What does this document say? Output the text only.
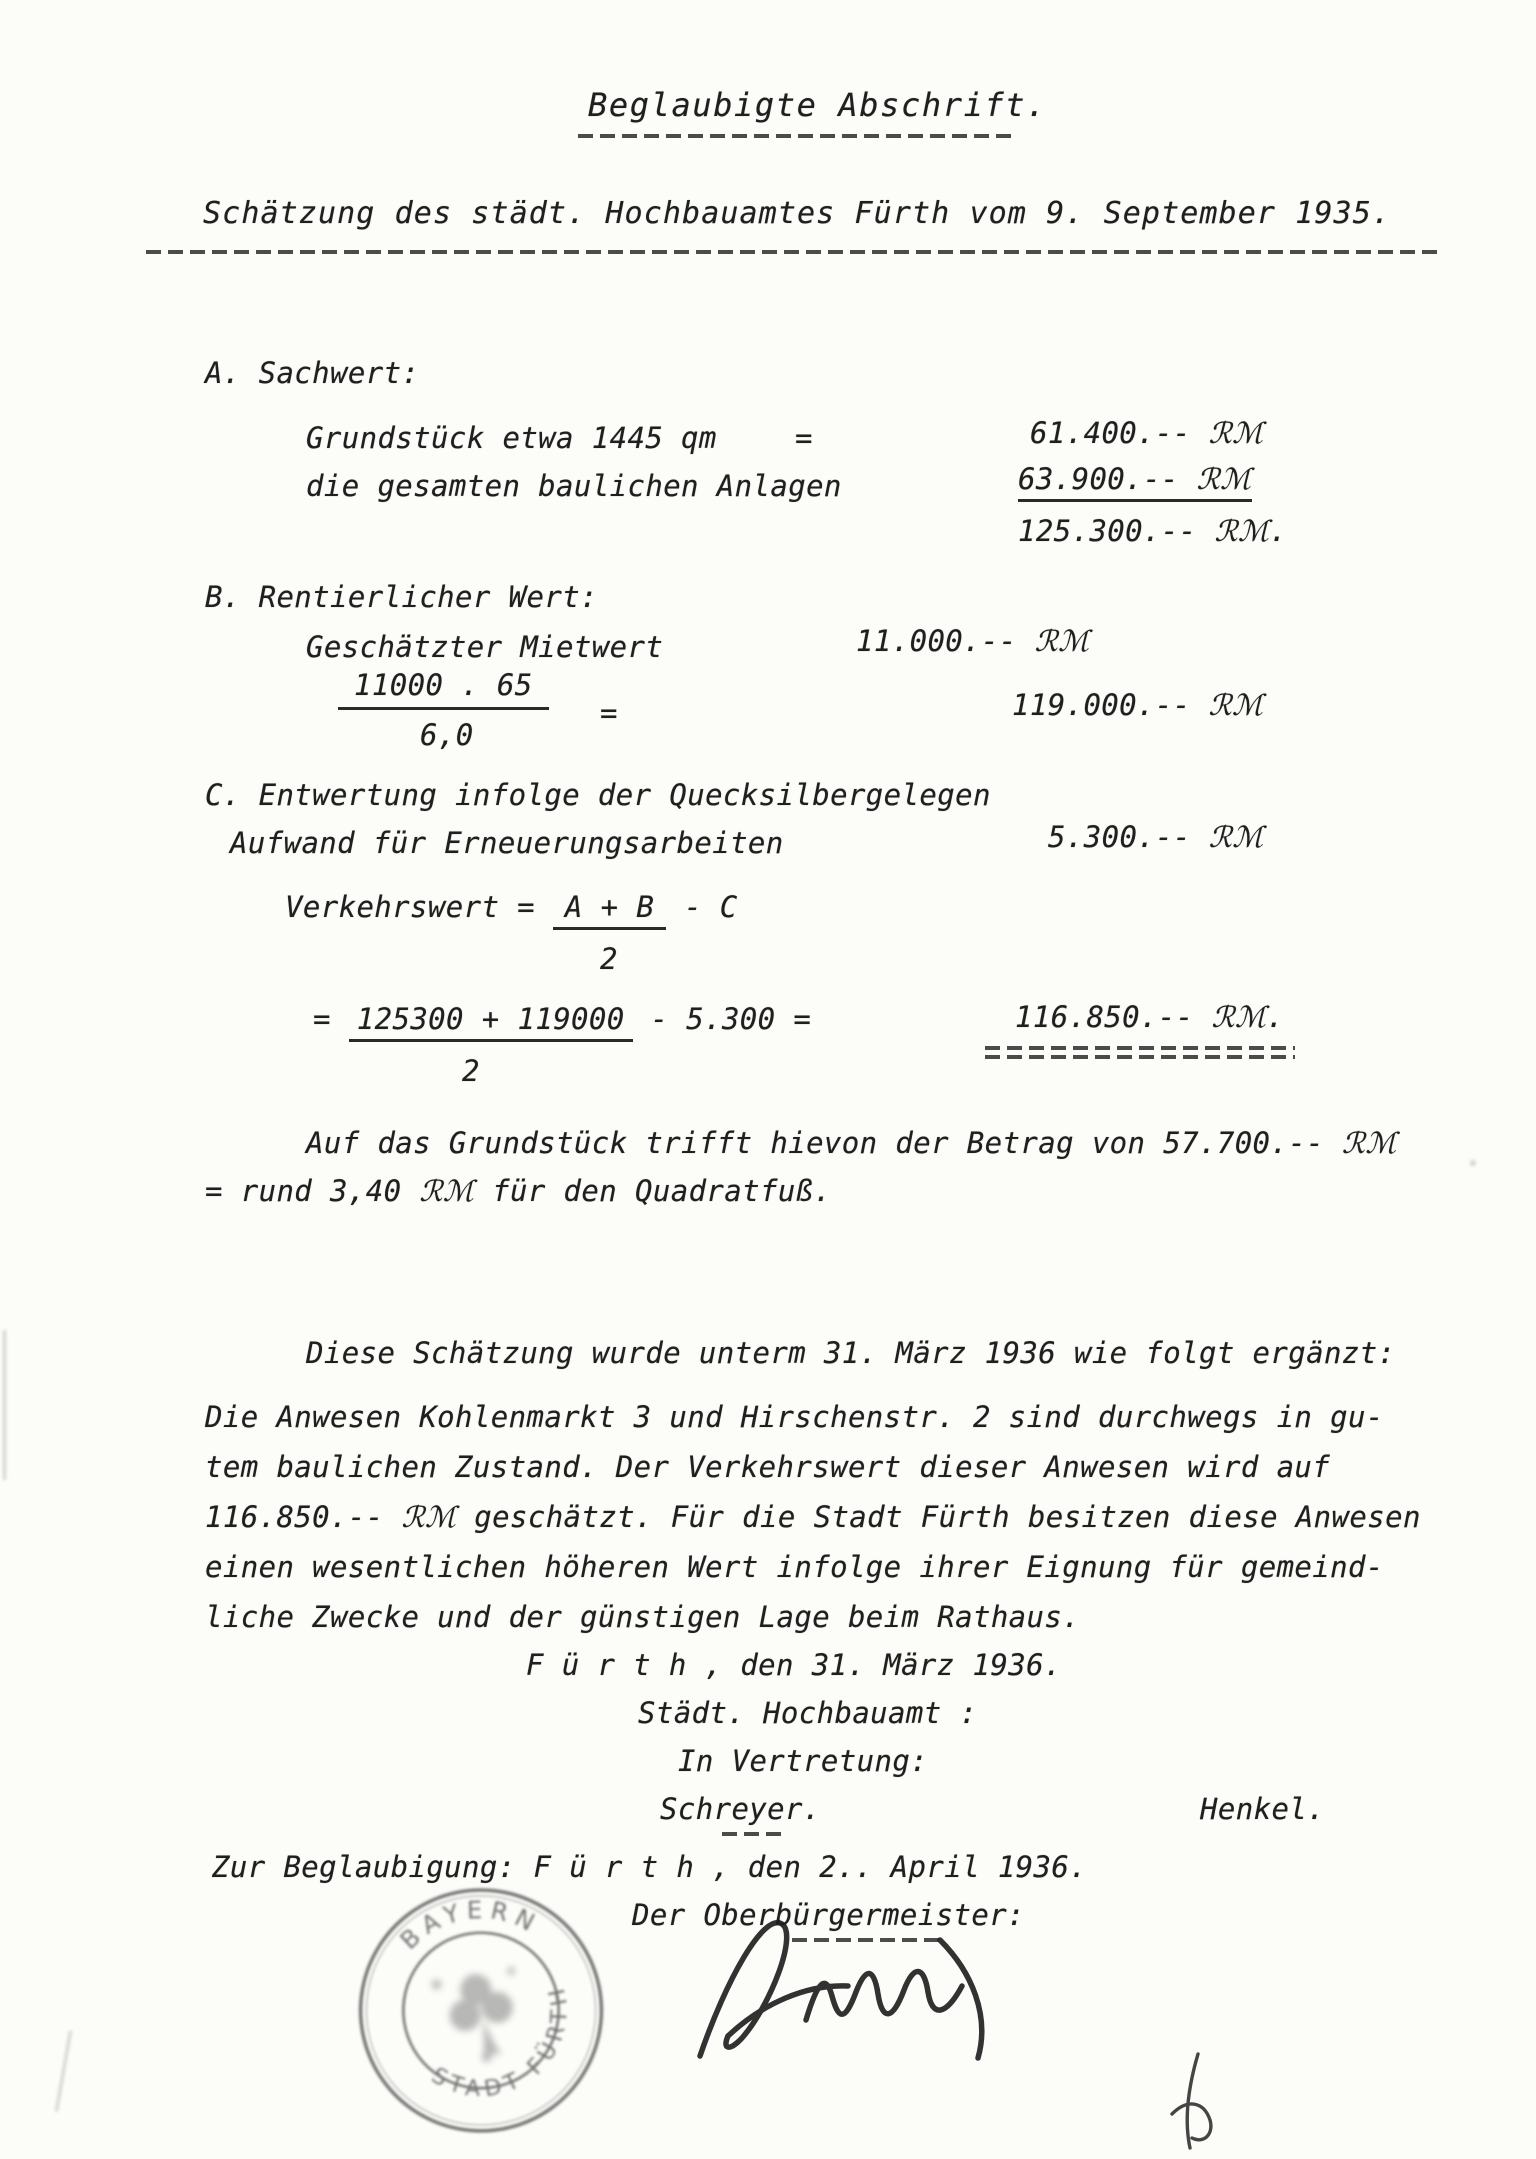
Beglaubigte Abschrift.
Schätzung des städt. Hochbauamtes Fürth vom 9. September 1935.
A. Sachwert:
Grundstück etwa 1445 qm	=	61.400.-- ℛℳ
die gesamten baulichen Anlagen	63.900.-- ℛℳ
125.300.-- ℛℳ.
B. Rentierlicher Wert:
Geschätzter Mietwert	11.000.-- ℛℳ
11000 . 65
6,0
=	119.000.-- ℛℳ
C. Entwertung infolge der Quecksilbergelegen
Aufwand für Erneuerungsarbeiten	5.300.-- ℛℳ
Verkehrswert = A + B - C
2
= 125300 + 119000 - 5.300 =
2
116.850.-- ℛℳ.
Auf das Grundstück trifft hievon der Betrag von 57.700.-- ℛℳ
= rund 3,40 ℛℳ für den Quadratfuß.
Diese Schätzung wurde unterm 31. März 1936 wie folgt ergänzt:
Die Anwesen Kohlenmarkt 3 und Hirschenstr. 2 sind durchwegs in gu-
tem baulichen Zustand. Der Verkehrswert dieser Anwesen wird auf
116.850.-- ℛℳ geschätzt. Für die Stadt Fürth besitzen diese Anwesen
einen wesentlichen höheren Wert infolge ihrer Eignung für gemeind-
liche Zwecke und der günstigen Lage beim Rathaus.
F ü r t h , den 31. März 1936.
Städt. Hochbauamt :
In Vertretung:
Schreyer.	Henkel.
Zur Beglaubigung: F ü r t h , den 2.. April 1936.
Der Oberbürgermeister:
BAYERN
STADT FÜRTH
